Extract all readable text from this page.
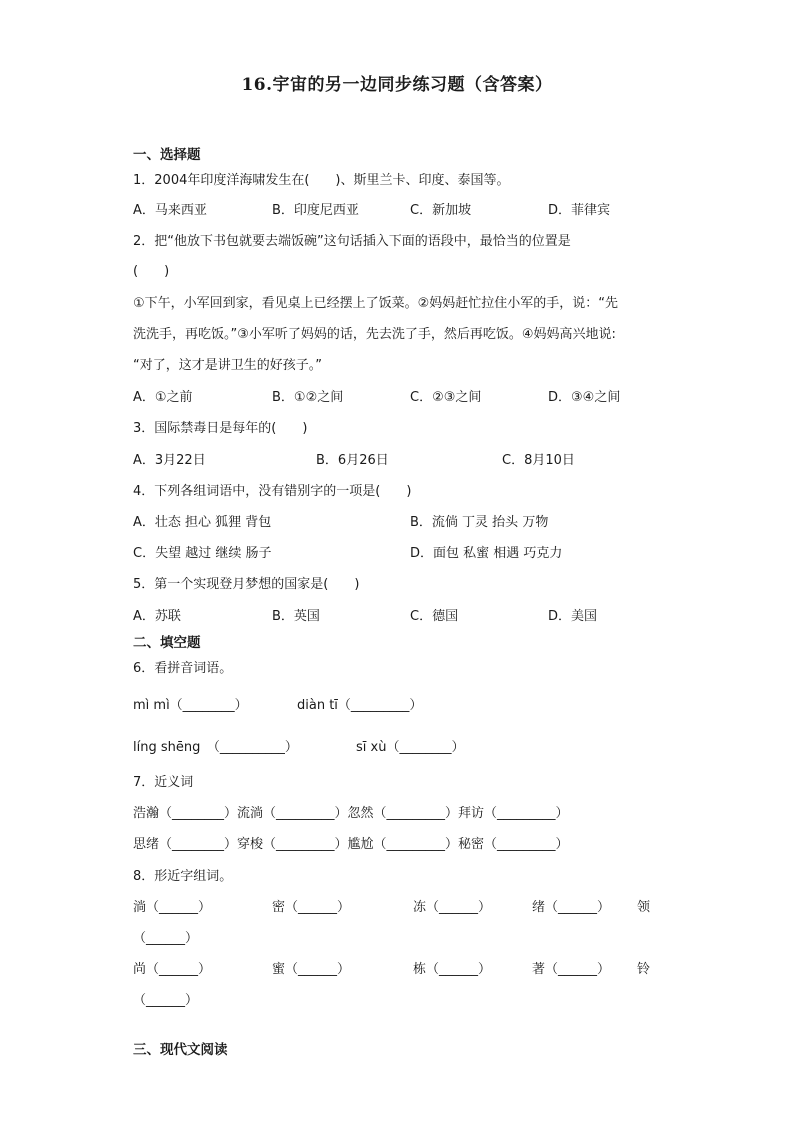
16.宇宙的另一边同步练习题（含答案）
一、选择题
1．2004年印度洋海啸发生在(　　)、斯里兰卡、印度、泰国等。
A．马来西亚	B．印度尼西亚	C．新加坡	D．菲律宾
2．把“他放下书包就要去端饭碗”这句话插入下面的语段中，最恰当的位置是
(　　)
①下午，小军回到家，看见桌上已经摆上了饭菜。②妈妈赶忙拉住小军的手，说：“先
洗洗手，再吃饭。”③小军听了妈妈的话，先去洗了手，然后再吃饭。④妈妈高兴地说:
“对了，这才是讲卫生的好孩子。”
A．①之前	B．①②之间	C．②③之间	D．③④之间
3．国际禁毒日是每年的(　　)
A．3月22日	B．6月26日	C．8月10日
4．下列各组词语中，没有错别字的一项是(　　)
A．壮态 担心 狐狸 背包	B．流倘 丁灵 抬头 万物
C．失望 越过 继续 肠子	D．面包 私蜜 相遇 巧克力
5．第一个实现登月梦想的国家是(　　)
A．苏联	B．英国	C．德国	D．美国
二、填空题
6．看拼音词语。
mì mì（________）	diàn tī（_________）
líng shēng　（__________）	sī xù（________）
7．近义词
浩瀚（________）流淌（_________）忽然（_________）拜访（_________）
思绪（________）穿梭（_________）尴尬（_________）秘密（_________）
8．形近字组词。
淌（______）	密（______）	冻（______）	绪（______） 领
（______）
尚（______）	蜜（______）	栋（______）	著（______） 铃
（______）
三、现代文阅读
